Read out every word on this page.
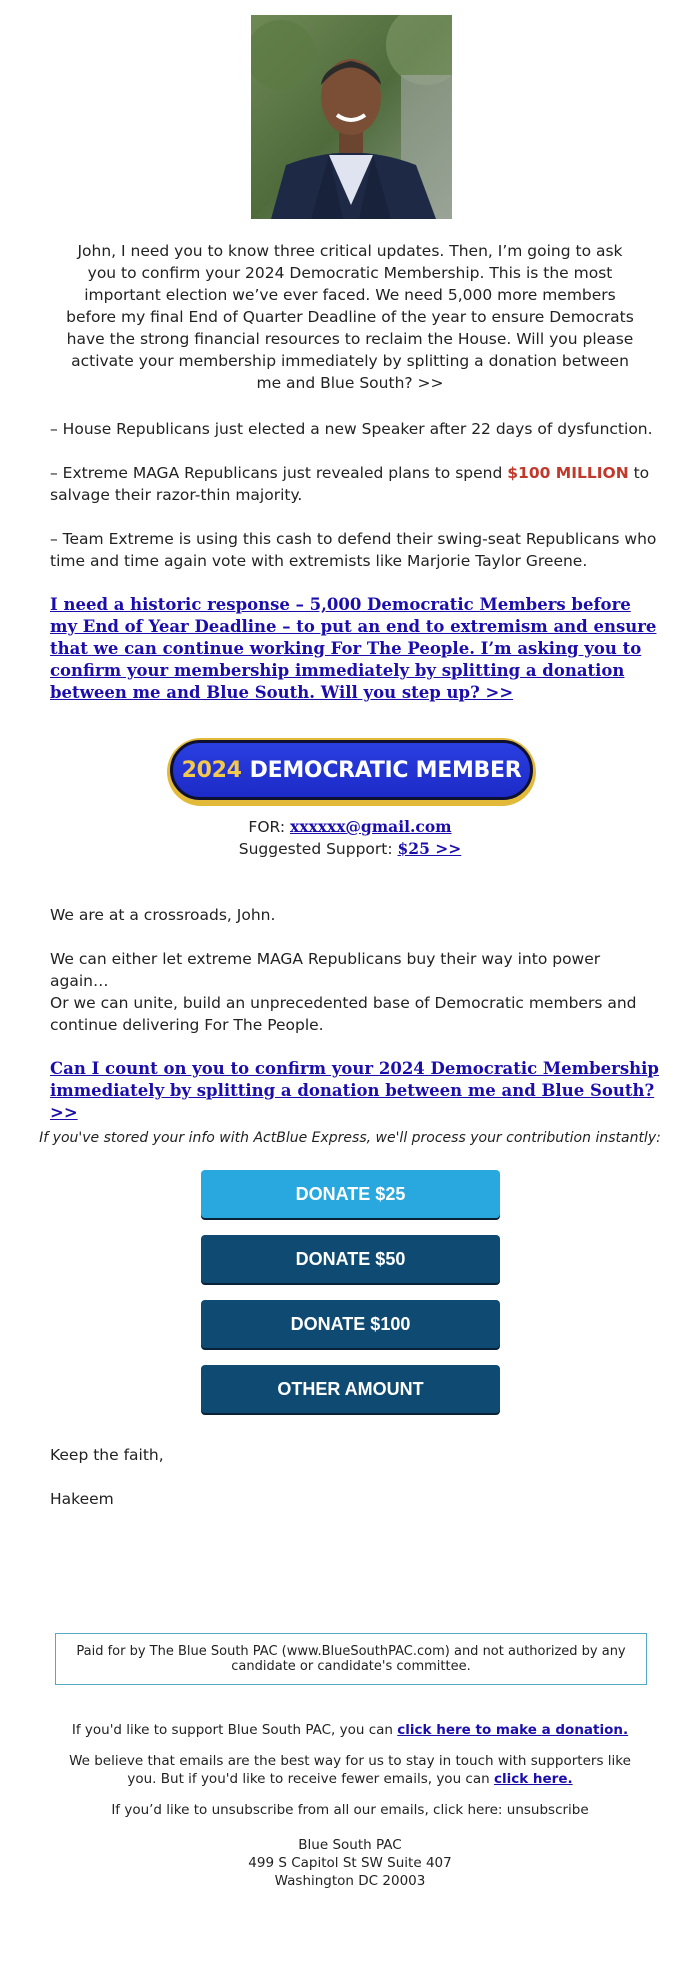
John, I need you to know three critical updates. Then, I’m going to ask you to confirm your 2024 Democratic Membership. This is the most important election we’ve ever faced. We need 5,000 more members before my final End of Quarter Deadline of the year to ensure Democrats have the strong financial resources to reclaim the House. Will you please activate your membership immediately by splitting a donation between me and Blue South? >>
– House Republicans just elected a new Speaker after 22 days of dysfunction.
– Extreme MAGA Republicans just revealed plans to spend $100 MILLION to salvage their razor-thin majority.
– Team Extreme is using this cash to defend their swing-seat Republicans who time and time again vote with extremists like Marjorie Taylor Greene.
I need a historic response – 5,000 Democratic Members before my End of Year Deadline – to put an end to extremism and ensure that we can continue working For The People. I’m asking you to confirm your membership immediately by splitting a donation between me and Blue South. Will you step up? >>
2024 DEMOCRATIC MEMBER
FOR: xxxxxx@gmail.com
Suggested Support: $25 >>
We are at a crossroads, John.
We can either let extreme MAGA Republicans buy their way into power again…
Or we can unite, build an unprecedented base of Democratic members and continue delivering For The People.
Can I count on you to confirm your 2024 Democratic Membership immediately by splitting a donation between me and Blue South? >>
If you've stored your info with ActBlue Express, we'll process your contribution instantly:
DONATE $25
DONATE $50
DONATE $100
OTHER AMOUNT
Keep the faith,
Hakeem
Paid for by The Blue South PAC (www.BlueSouthPAC.com) and not authorized by any candidate or candidate's committee.
If you'd like to support Blue South PAC, you can click here to make a donation.
We believe that emails are the best way for us to stay in touch with supporters like you. But if you'd like to receive fewer emails, you can click here.
If you’d like to unsubscribe from all our emails, click here: unsubscribe
Blue South PAC
499 S Capitol St SW Suite 407
Washington DC 20003
